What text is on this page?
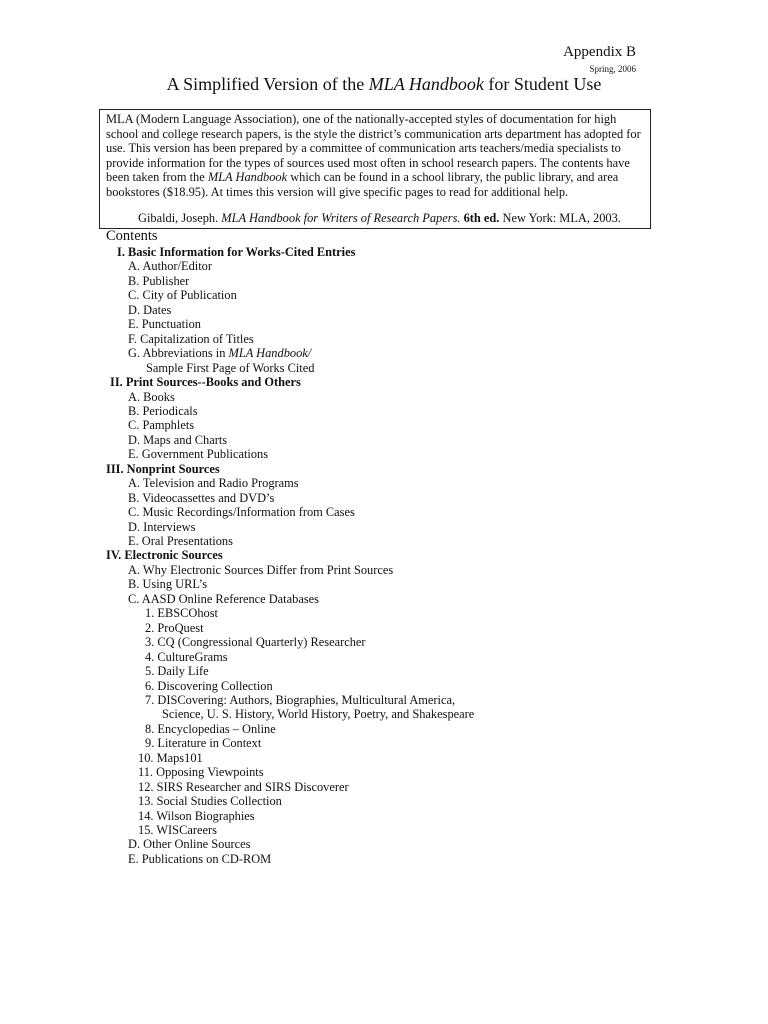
Appendix B
Spring, 2006
A Simplified Version of the MLA Handbook for Student Use

MLA (Modern Language Association), one of the nationally-accepted styles of documentation for high school and college research papers, is the style the district’s communication arts department has adopted for use. This version has been prepared by a committee of communication arts teachers/media specialists to provide information for the types of sources used most often in school research papers. The contents have been taken from the MLA Handbook which can be found in a school library, the public library, and area bookstores ($18.95). At times this version will give specific pages to read for additional help.

Gibaldi, Joseph. MLA Handbook for Writers of Research Papers. 6th ed. New York: MLA, 2003.

Contents
I. Basic Information for Works-Cited Entries
A. Author/Editor
B. Publisher
C. City of Publication
D. Dates
E. Punctuation
F. Capitalization of Titles
G. Abbreviations in MLA Handbook/
Sample First Page of Works Cited
II. Print Sources--Books and Others
A. Books
B. Periodicals
C. Pamphlets
D. Maps and Charts
E. Government Publications
III. Nonprint Sources
A. Television and Radio Programs
B. Videocassettes and DVD’s
C. Music Recordings/Information from Cases
D. Interviews
E. Oral Presentations
IV. Electronic Sources
A. Why Electronic Sources Differ from Print Sources
B. Using URL’s
C. AASD Online Reference Databases
1. EBSCOhost
2. ProQuest
3. CQ (Congressional Quarterly) Researcher
4. CultureGrams
5. Daily Life
6. Discovering Collection
7. DISCovering: Authors, Biographies, Multicultural America,
Science, U. S. History, World History, Poetry, and Shakespeare
8. Encyclopedias – Online
9. Literature in Context
10. Maps101
11. Opposing Viewpoints
12. SIRS Researcher and SIRS Discoverer
13. Social Studies Collection
14. Wilson Biographies
15. WISCareers
D. Other Online Sources
E. Publications on CD-ROM
